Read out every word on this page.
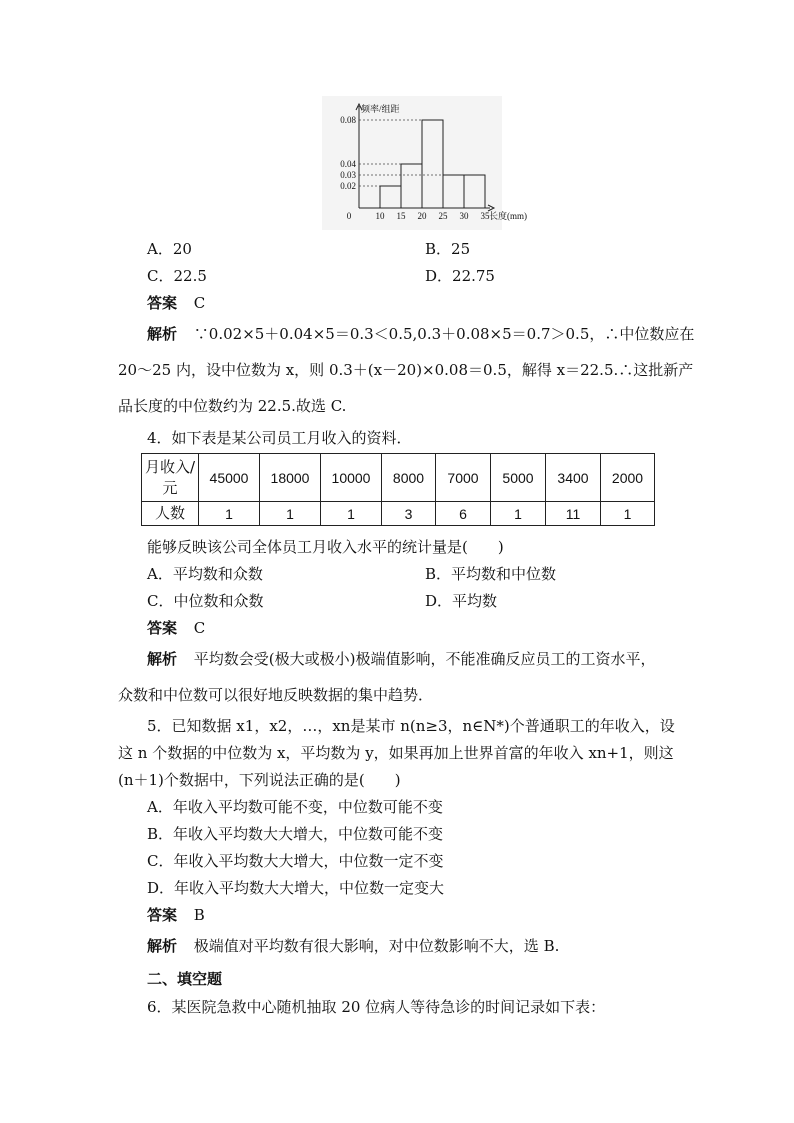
0.02
0.03
0.04
0.08
10 15 20 25 30 35
0
频率/组距
长度(mm)
A．20	B．25
C．22.5	D．22.75
答案 C
解析 ∵0.02×5＋0.04×5＝0.3＜0.5,0.3＋0.08×5＝0.7＞0.5，∴中位数应在
20～25 内，设中位数为 x，则 0.3＋(x－20)×0.08＝0.5，解得 x＝22.5.∴这批新产
品长度的中位数约为 22.5.故选 C.
4．如下表是某公司员工月收入的资料．
月收入/元	45000	18000	10000	8000	7000	5000	3400	2000
人数	1	1	1	3	6	1	11	1
能够反映该公司全体员工月收入水平的统计量是(　　)
A．平均数和众数	B．平均数和中位数
C．中位数和众数	D．平均数
答案 C
解析 平均数会受(极大或极小)极端值影响，不能准确反应员工的工资水平，
众数和中位数可以很好地反映数据的集中趋势．
5．已知数据 x1，x2，…，xn是某市 n(n≥3，n∈N*)个普通职工的年收入，设
这 n 个数据的中位数为 x，平均数为 y，如果再加上世界首富的年收入 xn+1，则这
(n＋1)个数据中，下列说法正确的是(　　)
A．年收入平均数可能不变，中位数可能不变
B．年收入平均数大大增大，中位数可能不变
C．年收入平均数大大增大，中位数一定不变
D．年收入平均数大大增大，中位数一定变大
答案 B
解析 极端值对平均数有很大影响，对中位数影响不大，选 B.
二、填空题
6．某医院急救中心随机抽取 20 位病人等待急诊的时间记录如下表：
